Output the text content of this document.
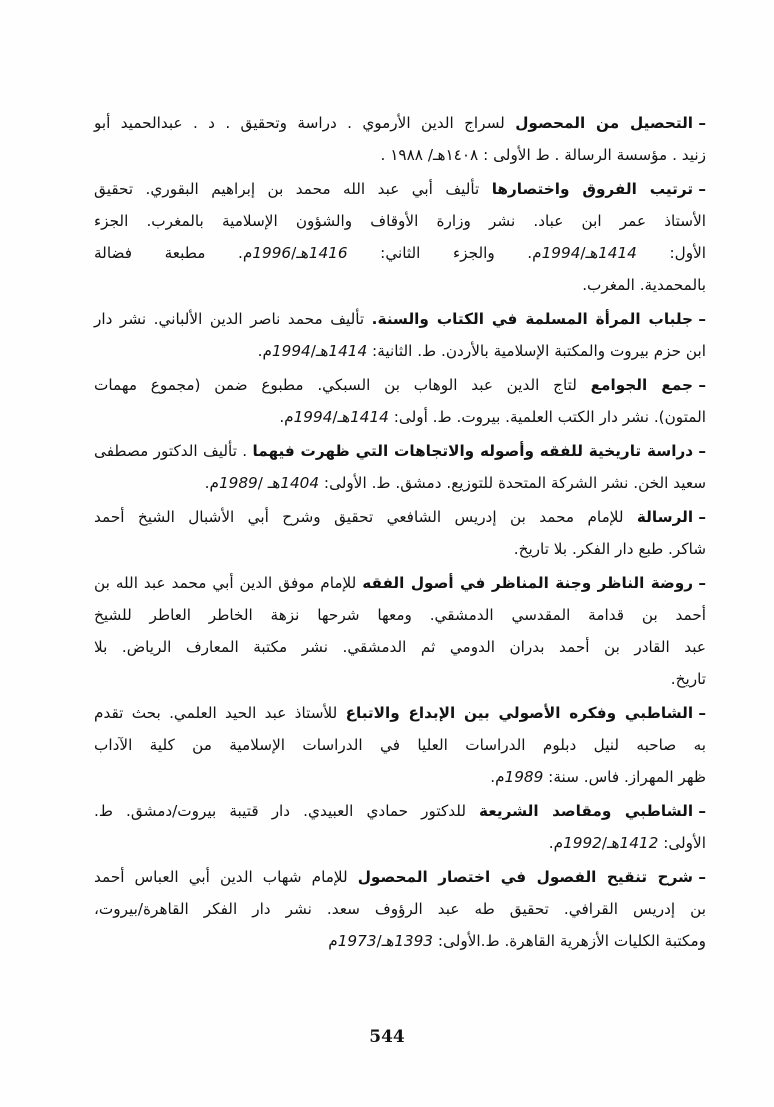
–التحصيل من المحصول لسراج الدين الأرموي . دراسة وتحقيق . د . عبدالحميد أبو
زنيد . مؤسسة الرسالة . ط الأولى : ١٤٠٨هـ/ ١٩٨٨ .
–ترتيب الفروق واختصارها تأليف أبي عبد الله محمد بن إبراهيم البقوري. تحقيق
الأستاذ عمر ابن عباد. نشر وزارة الأوقاف والشؤون الإسلامية بالمغرب. الجزء
الأول: 1414هـ/1994م. والجزء الثاني: 1416هـ/1996م. مطبعة فضالة
بالمحمدية. المغرب.
–جلباب المرأة المسلمة في الكتاب والسنة. تأليف محمد ناصر الدين الألباني. نشر دار
ابن حزم بيروت والمكتبة الإسلامية بالأردن. ط. الثانية: 1414هـ/1994م.
–جمع الجوامع لتاج الدين عبد الوهاب بن السبكي. مطبوع ضمن (مجموع مهمات
المتون). نشر دار الكتب العلمية. بيروت. ط. أولى: 1414هـ/1994م.
–دراسة تاريخية للفقه وأصوله والاتجاهات التي ظهرت فيهما . تأليف الدكتور مصطفى
سعيد الخن. نشر الشركة المتحدة للتوزيع. دمشق. ط. الأولى: 1404هـ /1989م.
–الرسالة للإمام محمد بن إدريس الشافعي تحقيق وشرح أبي الأشبال الشيخ أحمد
شاكر. طبع دار الفكر. بلا تاريخ.
–روضة الناظر وجنة المناظر في أصول الفقه للإمام موفق الدين أبي محمد عبد الله بن
أحمد بن قدامة المقدسي الدمشقي. ومعها شرحها نزهة الخاطر العاطر للشيخ
عبد القادر بن أحمد بدران الدومي ثم الدمشقي. نشر مكتبة المعارف الرياض. بلا
تاريخ.
–الشاطبي وفكره الأصولي بين الإبداع والاتباع للأستاذ عبد الحيد العلمي. بحث تقدم
به صاحبه لنيل دبلوم الدراسات العليا في الدراسات الإسلامية من كلية الآداب
ظهر المهراز. فاس. سنة: 1989م.
–الشاطبي ومقاصد الشريعة للدكتور حمادي العبيدي. دار قتيبة بيروت/دمشق. ط.
الأولى: 1412هـ/1992م.
–شرح تنقيح الفصول في اختصار المحصول للإمام شهاب الدين أبي العباس أحمد
بن إدريس القرافي. تحقيق طه عبد الرؤوف سعد. نشر دار الفكر القاهرة/بيروت،
ومكتبة الكليات الأزهرية القاهرة. ط.الأولى: 1393هـ/1973م
544
